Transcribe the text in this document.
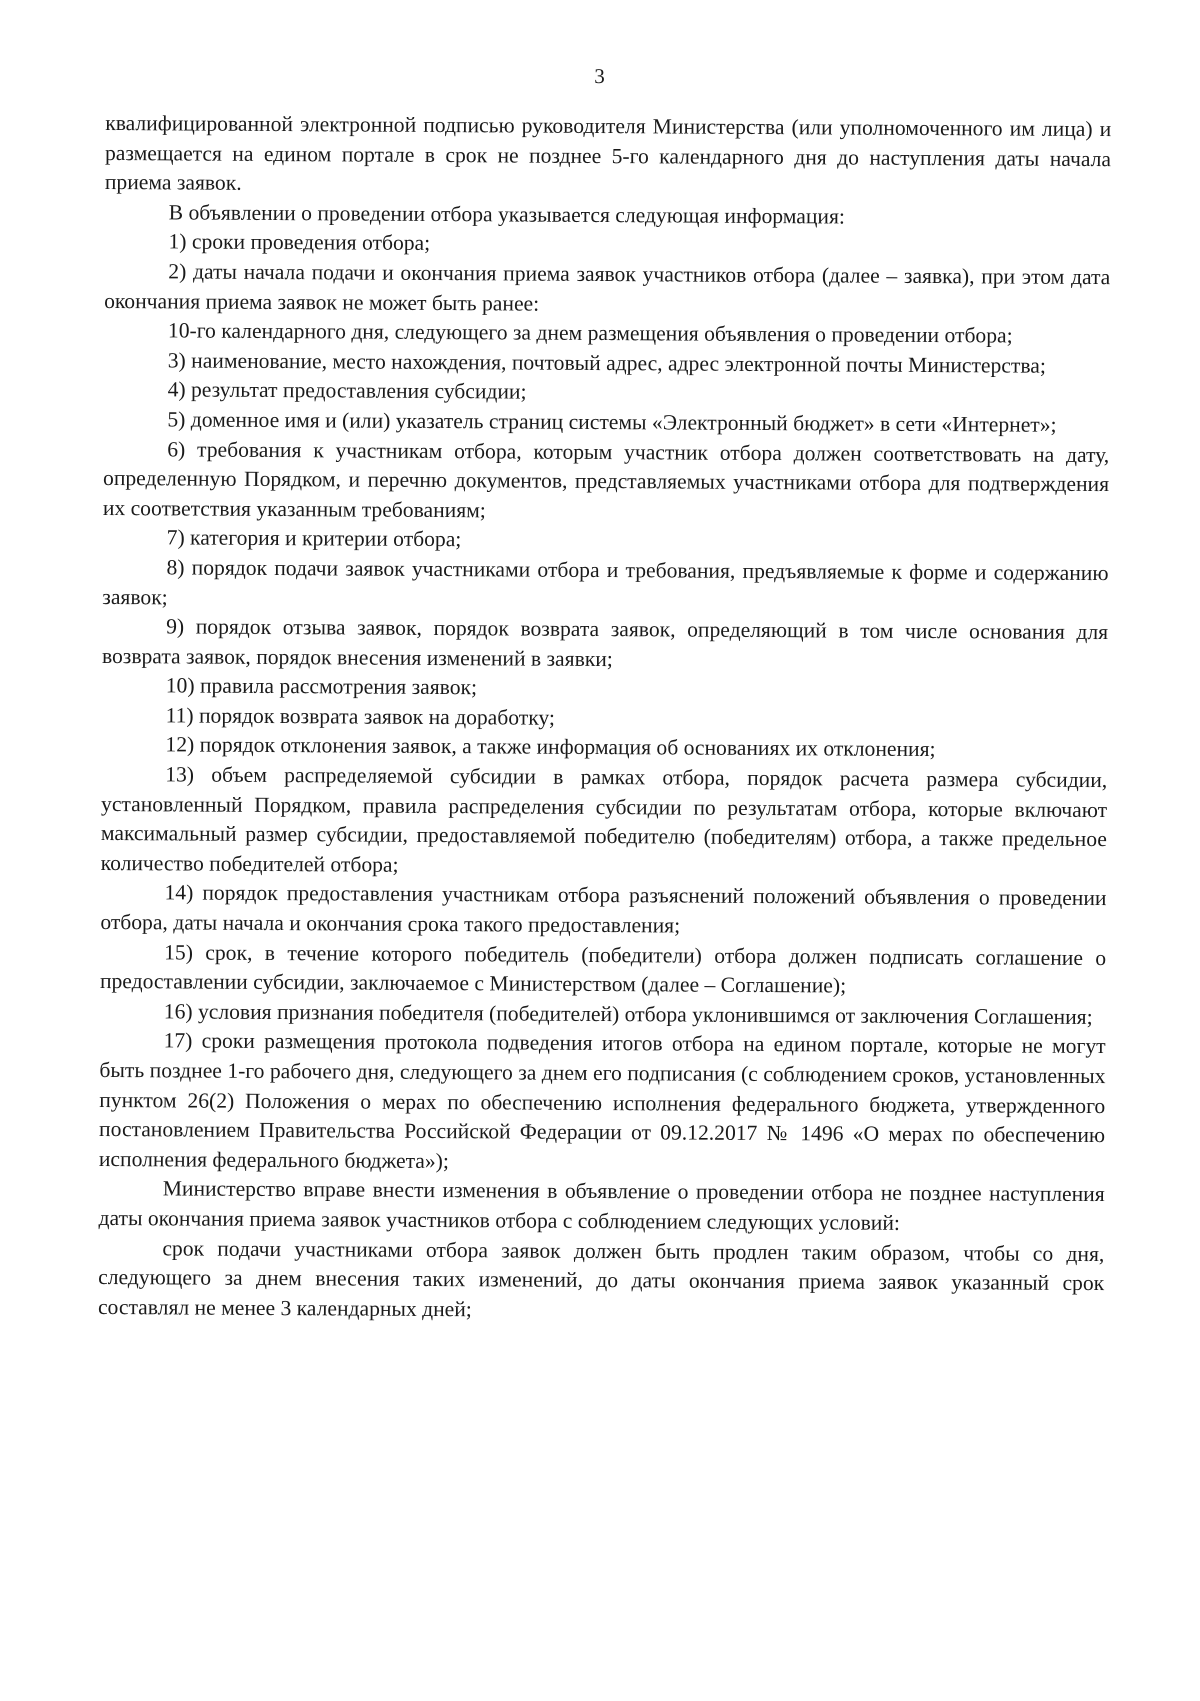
3

квалифицированной электронной подписью руководителя Министерства (или уполномоченного им лица) и размещается на едином портале в срок не позднее 5-го календарного дня до наступления даты начала приема заявок.

В объявлении о проведении отбора указывается следующая информация:

1) сроки проведения отбора;

2) даты начала подачи и окончания приема заявок участников отбора (далее – заявка), при этом дата окончания приема заявок не может быть ранее:

10-го календарного дня, следующего за днем размещения объявления о проведении отбора;

3) наименование, место нахождения, почтовый адрес, адрес электронной почты Министерства;

4) результат предоставления субсидии;

5) доменное имя и (или) указатель страниц системы «Электронный бюджет» в сети «Интернет»;

6) требования к участникам отбора, которым участник отбора должен соответствовать на дату, определенную Порядком, и перечню документов, представляемых участниками отбора для подтверждения их соответствия указанным требованиям;

7) категория и критерии отбора;

8) порядок подачи заявок участниками отбора и требования, предъявляемые к форме и содержанию заявок;

9) порядок отзыва заявок, порядок возврата заявок, определяющий в том числе основания для возврата заявок, порядок внесения изменений в заявки;

10) правила рассмотрения заявок;

11) порядок возврата заявок на доработку;

12) порядок отклонения заявок, а также информация об основаниях их отклонения;

13) объем распределяемой субсидии в рамках отбора, порядок расчета размера субсидии, установленный Порядком, правила распределения субсидии по результатам отбора, которые включают максимальный размер субсидии, предоставляемой победителю (победителям) отбора, а также предельное количество победителей отбора;

14) порядок предоставления участникам отбора разъяснений положений объявления о проведении отбора, даты начала и окончания срока такого предоставления;

15) срок, в течение которого победитель (победители) отбора должен подписать соглашение о предоставлении субсидии, заключаемое с Министерством (далее – Соглашение);

16) условия признания победителя (победителей) отбора уклонившимся от заключения Соглашения;

17) сроки размещения протокола подведения итогов отбора на едином портале, которые не могут быть позднее 1-го рабочего дня, следующего за днем его подписания (с соблюдением сроков, установленных пунктом 26(2) Положения о мерах по обеспечению исполнения федерального бюджета, утвержденного постановлением Правительства Российской Федерации от 09.12.2017 № 1496 «О мерах по обеспечению исполнения федерального бюджета»);

Министерство вправе внести изменения в объявление о проведении отбора не позднее наступления даты окончания приема заявок участников отбора с соблюдением следующих условий:

срок подачи участниками отбора заявок должен быть продлен таким образом, чтобы со дня, следующего за днем внесения таких изменений, до даты окончания приема заявок указанный срок составлял не менее 3 календарных дней;
